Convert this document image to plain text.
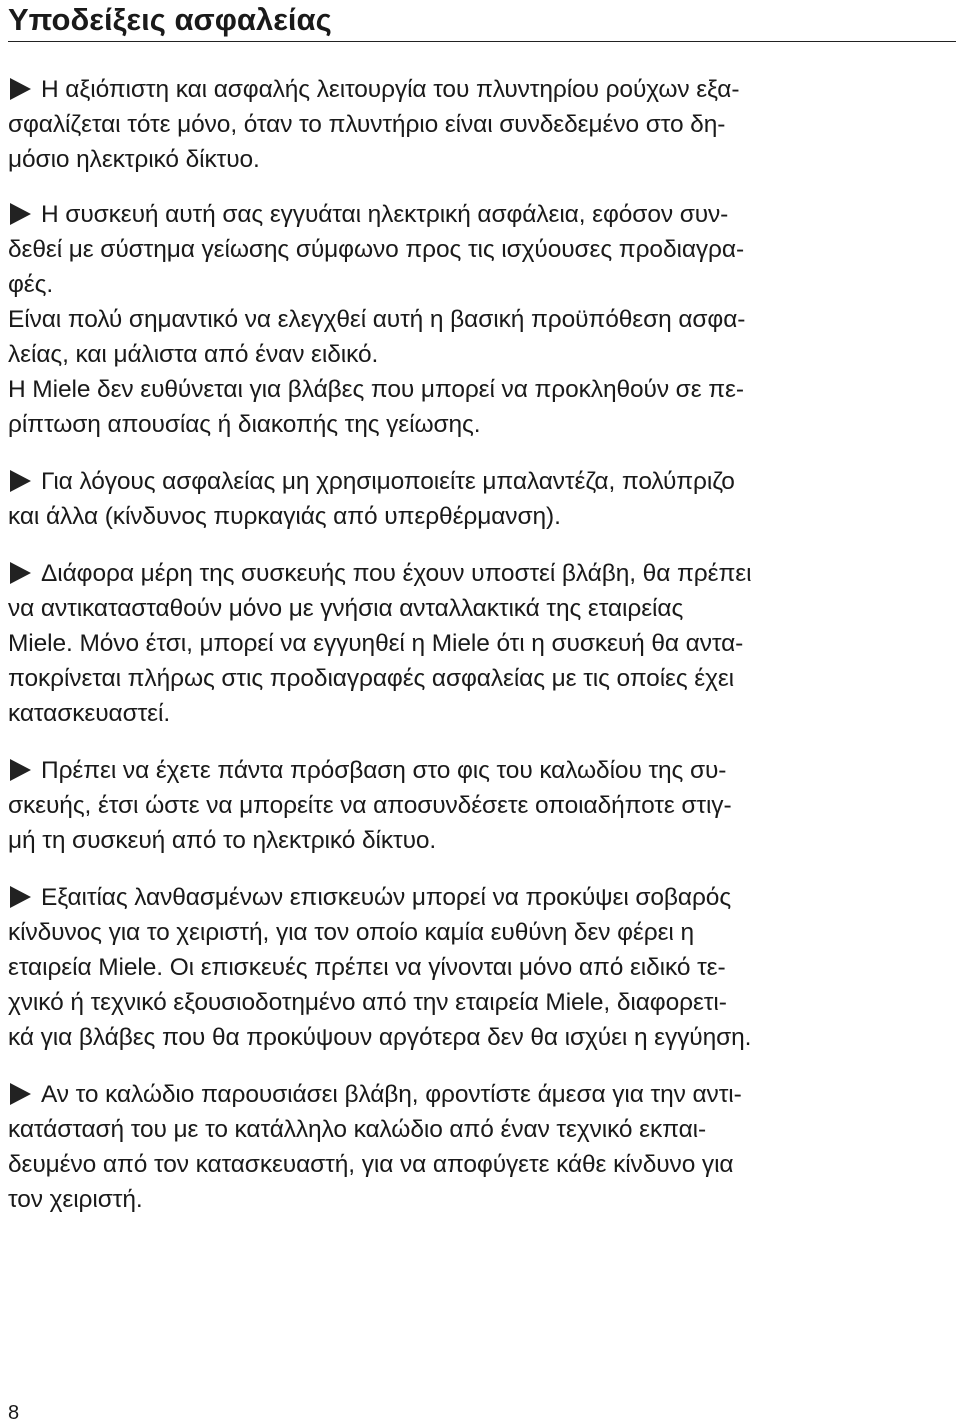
Υποδείξεις ασφαλείας
Η αξιόπιστη και ασφαλής λειτουργία του πλυντηρίου ρούχων εξα-
σφαλίζεται τότε μόνο, όταν το πλυντήριο είναι συνδεδεμένο στο δη-
μόσιο ηλεκτρικό δίκτυο.
Η συσκευή αυτή σας εγγυάται ηλεκτρική ασφάλεια, εφόσον συν-
δεθεί με σύστημα γείωσης σύμφωνο προς τις ισχύουσες προδιαγρα-
φές.
Είναι πολύ σημαντικό να ελεγχθεί αυτή η βασική προϋπόθεση ασφα-
λείας, και μάλιστα από έναν ειδικό.
Η Miele δεν ευθύνεται για βλάβες που μπορεί να προκληθούν σε πε-
ρίπτωση απουσίας ή διακοπής της γείωσης.
Για λόγους ασφαλείας μη χρησιμοποιείτε μπαλαντέζα, πολύπριζο
και άλλα (κίνδυνος πυρκαγιάς από υπερθέρμανση).
Διάφορα μέρη της συσκευής που έχουν υποστεί βλάβη, θα πρέπει
να αντικατασταθούν μόνο με γνήσια ανταλλακτικά της εταιρείας
Miele. Μόνο έτσι, μπορεί να εγγυηθεί η Miele ότι η συσκευή θα αντα-
ποκρίνεται πλήρως στις προδιαγραφές ασφαλείας με τις οποίες έχει
κατασκευαστεί.
Πρέπει να έχετε πάντα πρόσβαση στο φις του καλωδίου της συ-
σκευής, έτσι ώστε να μπορείτε να αποσυνδέσετε οποιαδήποτε στιγ-
μή τη συσκευή από το ηλεκτρικό δίκτυο.
Εξαιτίας λανθασμένων επισκευών μπορεί να προκύψει σοβαρός
κίνδυνος για το χειριστή, για τον οποίο καμία ευθύνη δεν φέρει η
εταιρεία Miele. Οι επισκευές πρέπει να γίνονται μόνο από ειδικό τε-
χνικό ή τεχνικό εξουσιοδοτημένο από την εταιρεία Miele, διαφορετι-
κά για βλάβες που θα προκύψουν αργότερα δεν θα ισχύει η εγγύηση.
Αν το καλώδιο παρουσιάσει βλάβη, φροντίστε άμεσα για την αντι-
κατάστασή του με το κατάλληλο καλώδιο από έναν τεχνικό εκπαι-
δευμένο από τον κατασκευαστή, για να αποφύγετε κάθε κίνδυνο για
τον χειριστή.
8
